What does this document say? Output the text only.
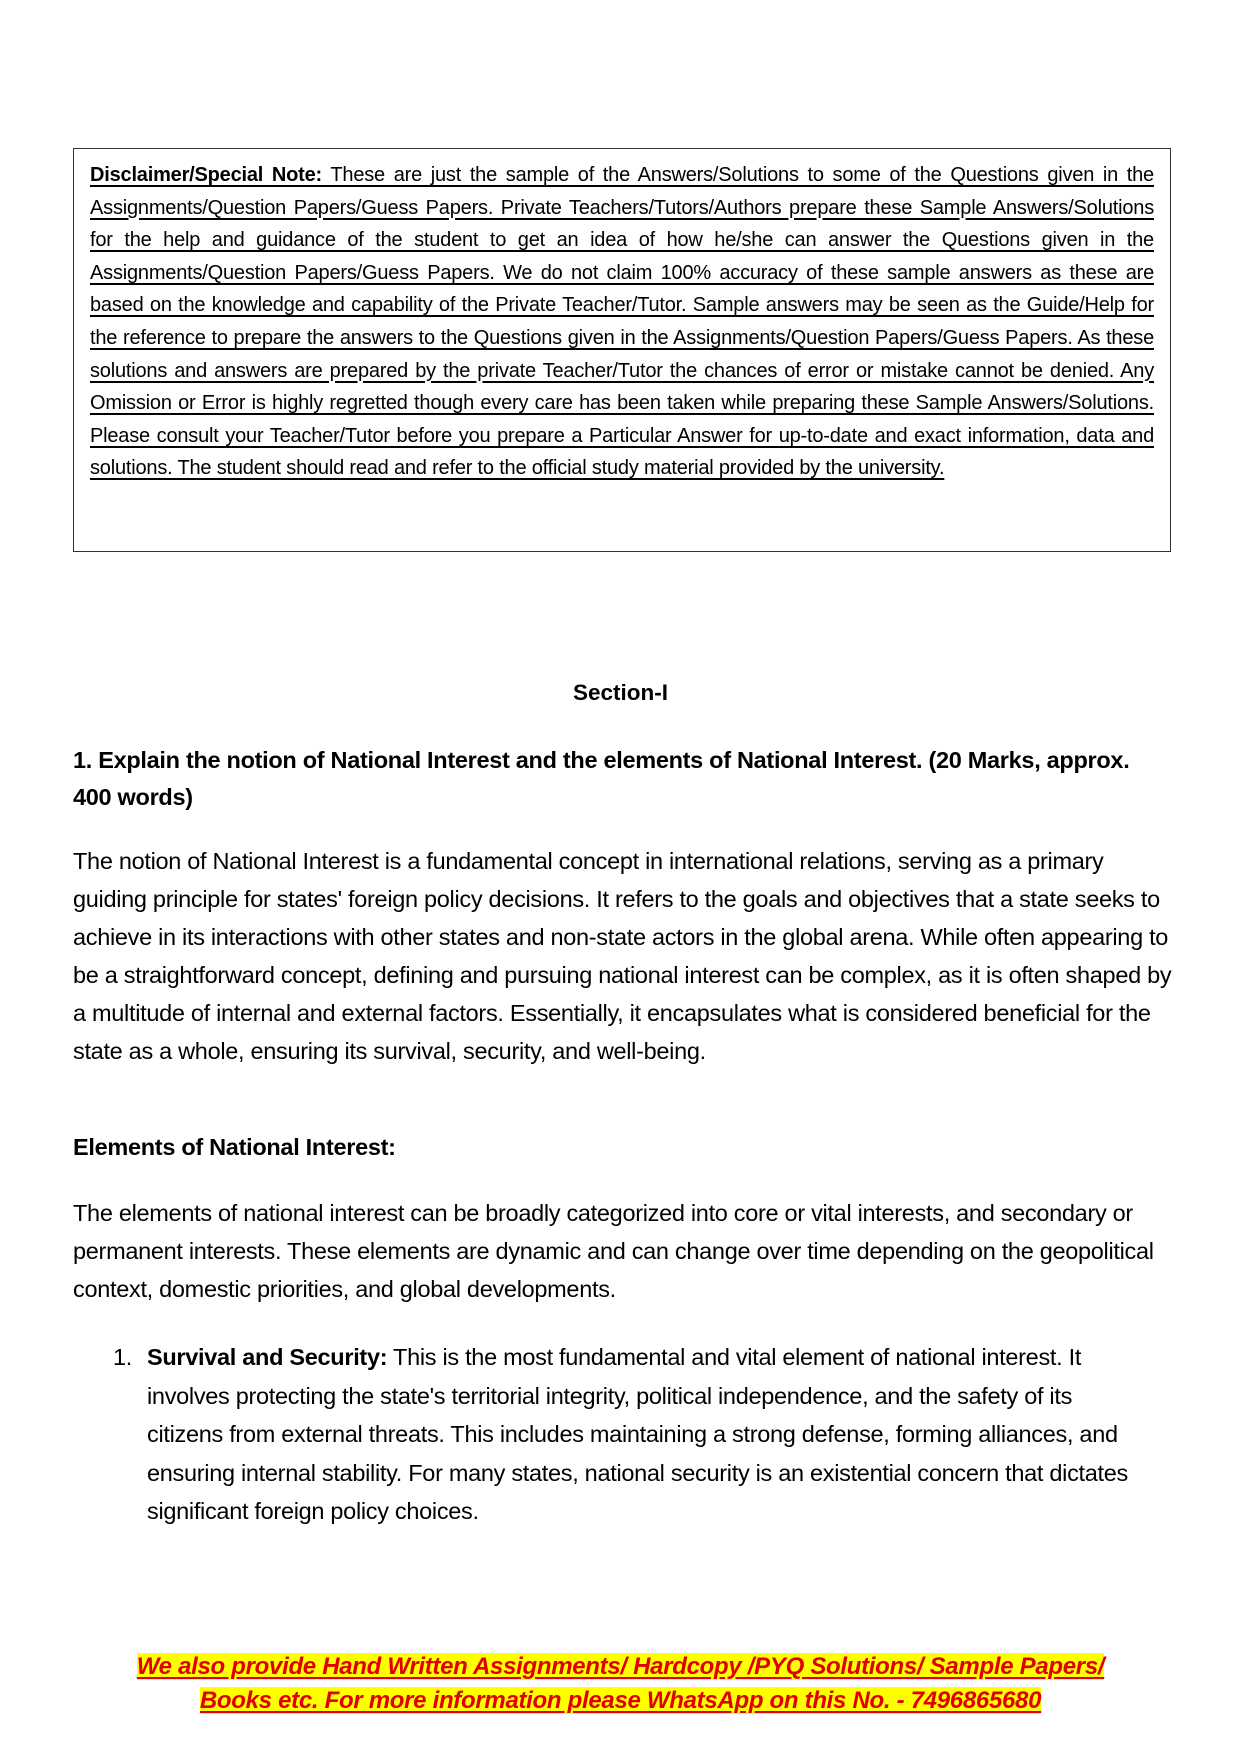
Disclaimer/Special Note: These are just the sample of the Answers/Solutions to some of the Questions given in the Assignments/Question Papers/Guess Papers. Private Teachers/Tutors/Authors prepare these Sample Answers/Solutions for the help and guidance of the student to get an idea of how he/she can answer the Questions given in the Assignments/Question Papers/Guess Papers. We do not claim 100% accuracy of these sample answers as these are based on the knowledge and capability of the Private Teacher/Tutor. Sample answers may be seen as the Guide/Help for the reference to prepare the answers to the Questions given in the Assignments/Question Papers/Guess Papers. As these solutions and answers are prepared by the private Teacher/Tutor the chances of error or mistake cannot be denied. Any Omission or Error is highly regretted though every care has been taken while preparing these Sample Answers/Solutions. Please consult your Teacher/Tutor before you prepare a Particular Answer for up-to-date and exact information, data and solutions. The student should read and refer to the official study material provided by the university.

Section-I
1. Explain the notion of National Interest and the elements of National Interest. (20 Marks, approx. 400 words)

The notion of National Interest is a fundamental concept in international relations, serving as a primary guiding principle for states' foreign policy decisions. It refers to the goals and objectives that a state seeks to achieve in its interactions with other states and non-state actors in the global arena. While often appearing to be a straightforward concept, defining and pursuing national interest can be complex, as it is often shaped by a multitude of internal and external factors. Essentially, it encapsulates what is considered beneficial for the state as a whole, ensuring its survival, security, and well-being.

Elements of National Interest:

The elements of national interest can be broadly categorized into core or vital interests, and secondary or permanent interests. These elements are dynamic and can change over time depending on the geopolitical context, domestic priorities, and global developments.

1. Survival and Security: This is the most fundamental and vital element of national interest. It involves protecting the state's territorial integrity, political independence, and the safety of its citizens from external threats. This includes maintaining a strong defense, forming alliances, and ensuring internal stability. For many states, national security is an existential concern that dictates significant foreign policy choices.
We also provide Hand Written Assignments/ Hardcopy /PYQ Solutions/ Sample Papers/
Books etc. For more information please WhatsApp on this No. - 7496865680
